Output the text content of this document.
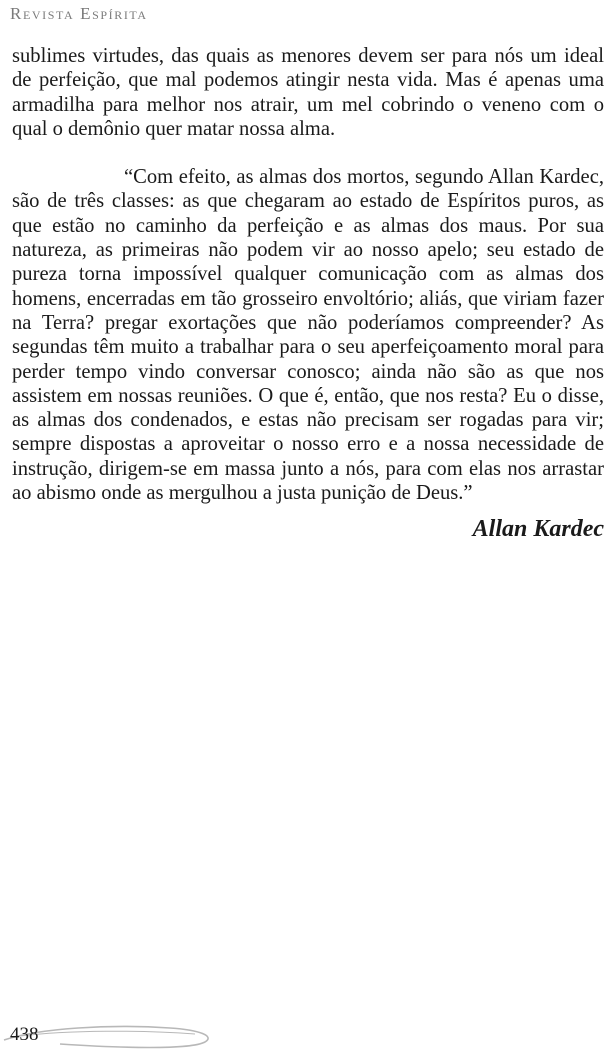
Revista Espírita

sublimes virtudes, das quais as menores devem ser para nós um ideal de perfeição, que mal podemos atingir nesta vida. Mas é apenas uma armadilha para melhor nos atrair, um mel cobrindo o veneno com o qual o demônio quer matar nossa alma.

“Com efeito, as almas dos mortos, segundo Allan Kardec, são de três classes: as que chegaram ao estado de Espíritos puros, as que estão no caminho da perfeição e as almas dos maus. Por sua natureza, as primeiras não podem vir ao nosso apelo; seu estado de pureza torna impossível qualquer comunicação com as almas dos homens, encerradas em tão grosseiro envoltório; aliás, que viriam fazer na Terra? pregar exortações que não poderíamos compreender? As segundas têm muito a trabalhar para o seu aperfeiçoamento moral para perder tempo vindo conversar conosco; ainda não são as que nos assistem em nossas reuniões. O que é, então, que nos resta? Eu o disse, as almas dos condenados, e estas não precisam ser rogadas para vir; sempre dispostas a aproveitar o nosso erro e a nossa necessidade de instrução, dirigem-se em massa junto a nós, para com elas nos arrastar ao abismo onde as mergulhou a justa punição de Deus.”

Allan Kardec
438
